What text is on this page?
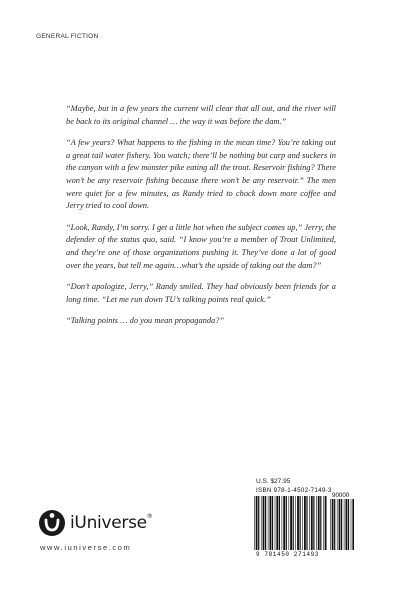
GENERAL FICTION

“Maybe, but in a few years the current will clear that all out, and the river will be back to its original channel … the way it was before the dam.”

“A few years? What happens to the fishing in the mean time? You’re taking out a great tail water fishery. You watch; there’ll be nothing but carp and suckers in the canyon with a few monster pike eating all the trout. Reservoir fishing? There won’t be any reservoir fishing because there won’t be any reservoir.” The men were quiet for a few minutes, as Randy tried to chock down more coffee and Jerry tried to cool down.

“Look, Randy, I’m sorry. I get a little hot when the subject comes up,” Jerry, the defender of the status quo, said. “I know you’re a member of Trout Unlimited, and they’re one of those organizations pushing it. They’ve done a lot of good over the years, but tell me again…what’s the upside of taking out the dam?”

“Don’t apologize, Jerry,” Randy smiled. They had obviously been friends for a long time. “Let me run down TU’s talking points real quick.”

“Talking points … do you mean propaganda?”

U.S. $27.95
ISBN 978-1-4502-7149-3
90000
9 781450 271493
iUniverse®
www.iuniverse.com
